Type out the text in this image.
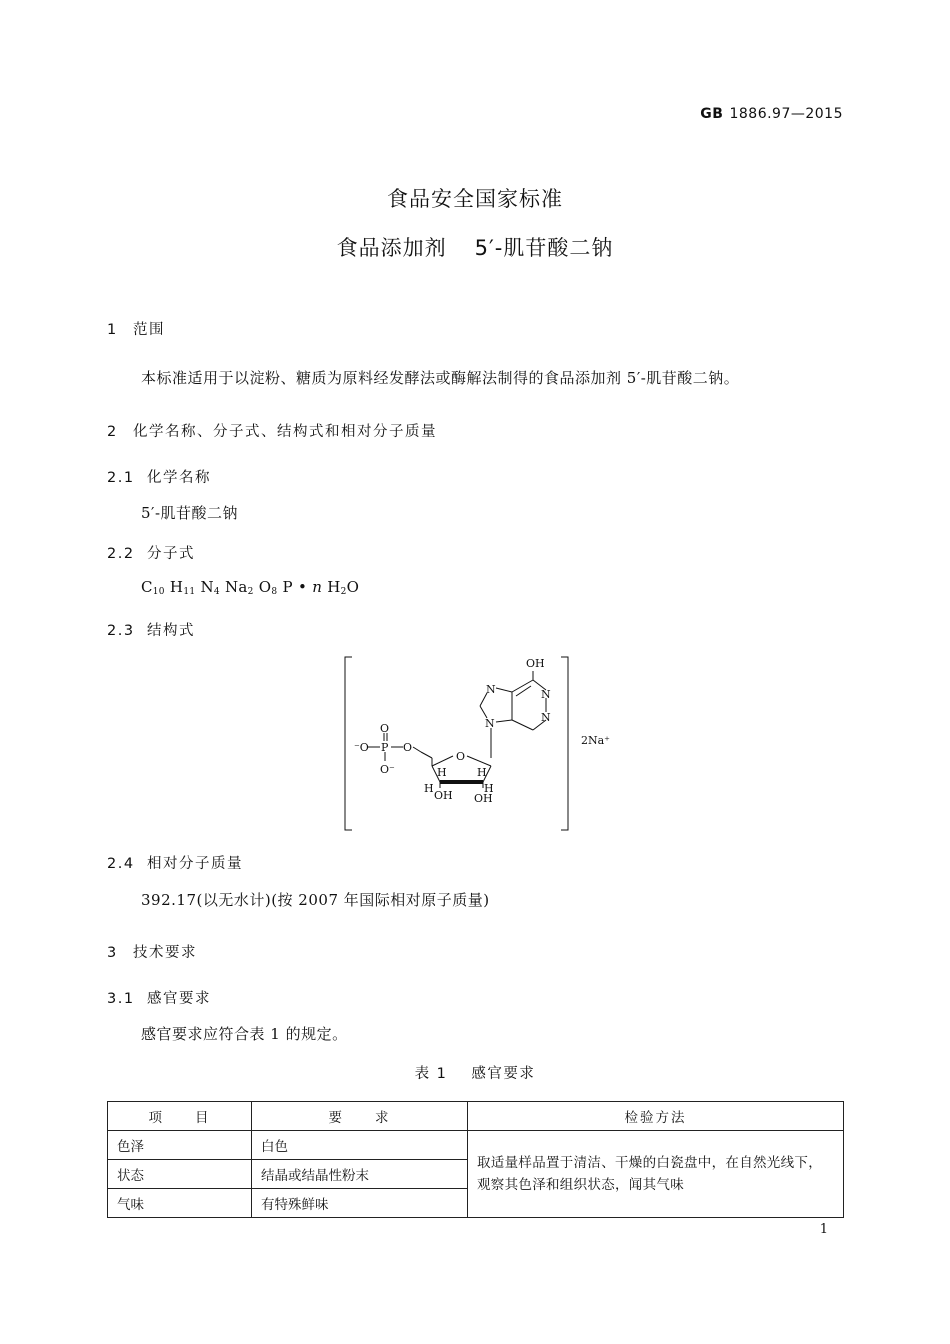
GB 1886.97—2015
食品安全国家标准
食品添加剂 5′-肌苷酸二钠
1 范围
本标准适用于以淀粉、糖质为原料经发酵法或酶解法制得的食品添加剂 5′-肌苷酸二钠。
2 化学名称、分子式、结构式和相对分子质量
2.1 化学名称
5′-肌苷酸二钠
2.2 分子式
$C_{10}$ $H_{11}$ $N_4$ $Na_2$ $O_8$ P • n $H_2O$
2.3 结构式
OH
N
N
N
N
O
H	H
H	H
OH OH
O
P
⁻O
O⁻
O
2Na⁺
2.4 相对分子质量
392.17(以无水计)(按 2007 年国际相对原子质量)
3 技术要求
3.1 感官要求
感官要求应符合表 1 的规定。
表 1 感官要求
项　　目	要　　求	检验方法
色泽	白色	取适量样品置于清洁、干燥的白瓷盘中，在自然光线下，观察其色泽和组织状态，闻其气味
状态	结晶或结晶性粉末	
气味	有特殊鲜味	
1
